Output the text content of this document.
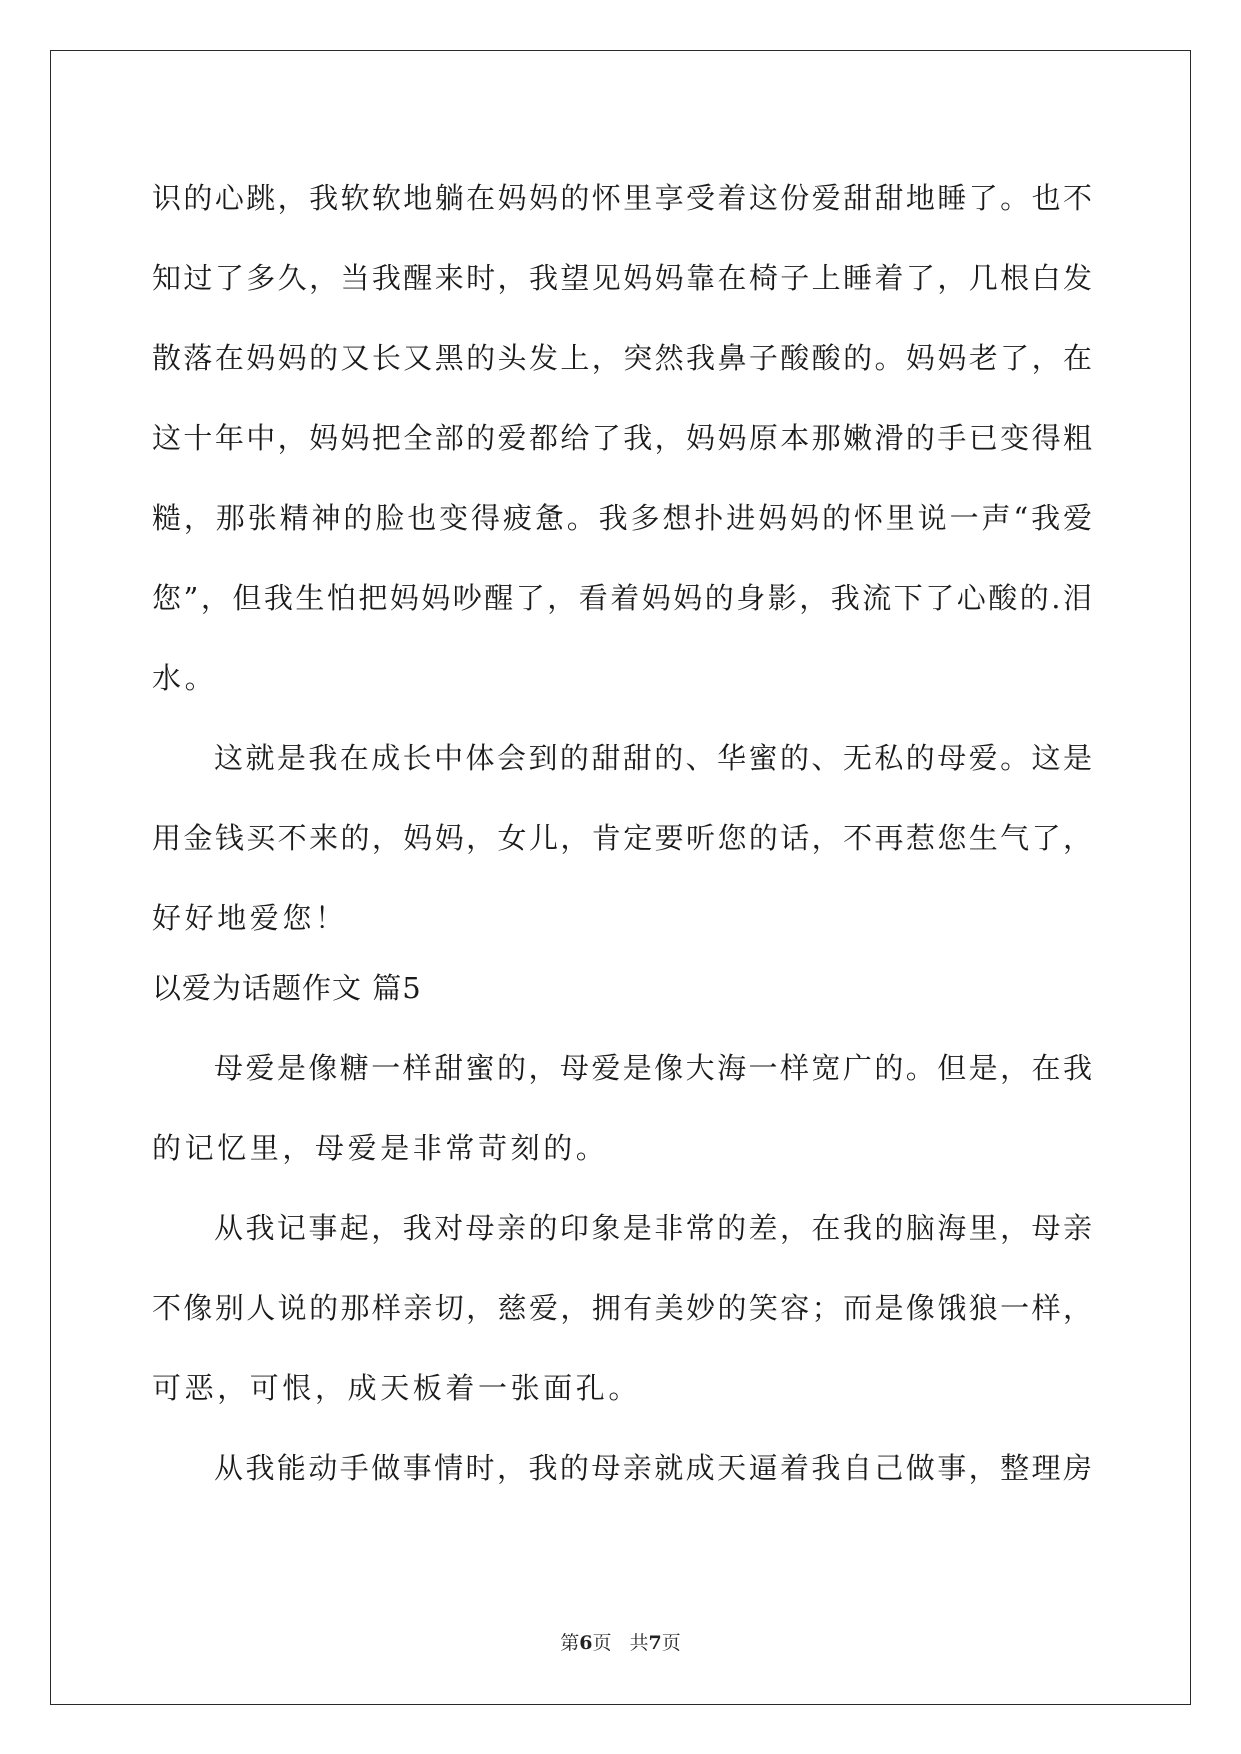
识的心跳，我软软地躺在妈妈的怀里享受着这份爱甜甜地睡了。也不
知过了多久，当我醒来时，我望见妈妈靠在椅子上睡着了，几根白发
散落在妈妈的又长又黑的头发上，突然我鼻子酸酸的。妈妈老了，在
这十年中，妈妈把全部的爱都给了我，妈妈原本那嫩滑的手已变得粗
糙，那张精神的脸也变得疲惫。我多想扑进妈妈的怀里说一声“我爱
您”，但我生怕把妈妈吵醒了，看着妈妈的身影，我流下了心酸的.泪
水。
这就是我在成长中体会到的甜甜的、华蜜的、无私的母爱。这是
用金钱买不来的，妈妈，女儿，肯定要听您的话，不再惹您生气了，
好好地爱您！
以爱为话题作文 篇5
母爱是像糖一样甜蜜的，母爱是像大海一样宽广的。但是，在我
的记忆里，母爱是非常苛刻的。
从我记事起，我对母亲的印象是非常的差，在我的脑海里，母亲
不像别人说的那样亲切，慈爱，拥有美妙的笑容；而是像饿狼一样，
可恶，可恨，成天板着一张面孔。
从我能动手做事情时，我的母亲就成天逼着我自己做事，整理房
第6页 共7页
